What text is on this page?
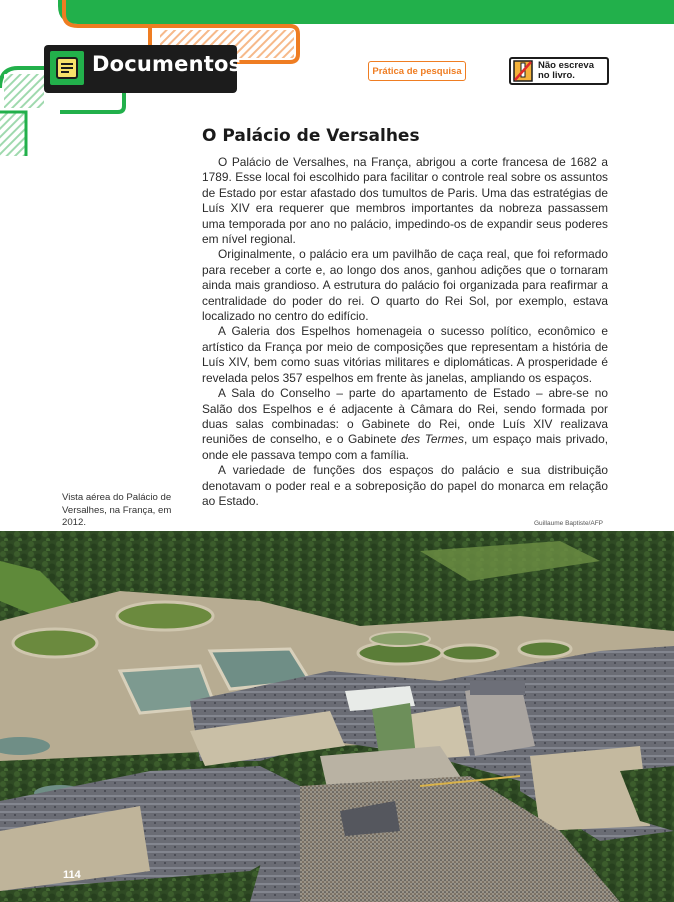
Documentos	Prática de pesquisa	Não escreva
no livro.
O Palácio de Versalhes

O Palácio de Versalhes, na França, abrigou a corte francesa de 1682 a 1789. Esse local foi escolhido para facilitar o controle real sobre os assuntos de Estado por estar afastado dos tumultos de Paris. Uma das estratégias de Luís XIV era requerer que membros importantes da nobreza passassem uma temporada por ano no palácio, impedindo-os de expandir seus poderes em nível regional.

Originalmente, o palácio era um pavilhão de caça real, que foi reformado para receber a corte e, ao longo dos anos, ganhou adições que o tornaram ainda mais grandioso. A estrutura do palácio foi organizada para reafirmar a centralidade do poder do rei. O quarto do Rei Sol, por exemplo, estava localizado no centro do edifício.

A Galeria dos Espelhos homenageia o sucesso político, econômico e artístico da França por meio de composições que representam a história de Luís XIV, bem como suas vitórias militares e diplomáticas. A prosperidade é revelada pelos 357 espelhos em frente às janelas, ampliando os espaços.

A Sala do Conselho – parte do apartamento de Estado – abre-se no Salão dos Espelhos e é adjacente à Câmara do Rei, sendo formada por duas salas combinadas: o Gabinete do Rei, onde Luís XIV realizava reuniões de conselho, e o Gabinete des Termes, um espaço mais privado, onde ele passava tempo com a família.

A variedade de funções dos espaços do palácio e sua distribuição denotavam o poder real e a sobreposição do papel do monarca em relação ao Estado.

Vista aérea do Palácio de Versalhes, na França, em 2012.	Guillaume Baptiste/AFP
114
